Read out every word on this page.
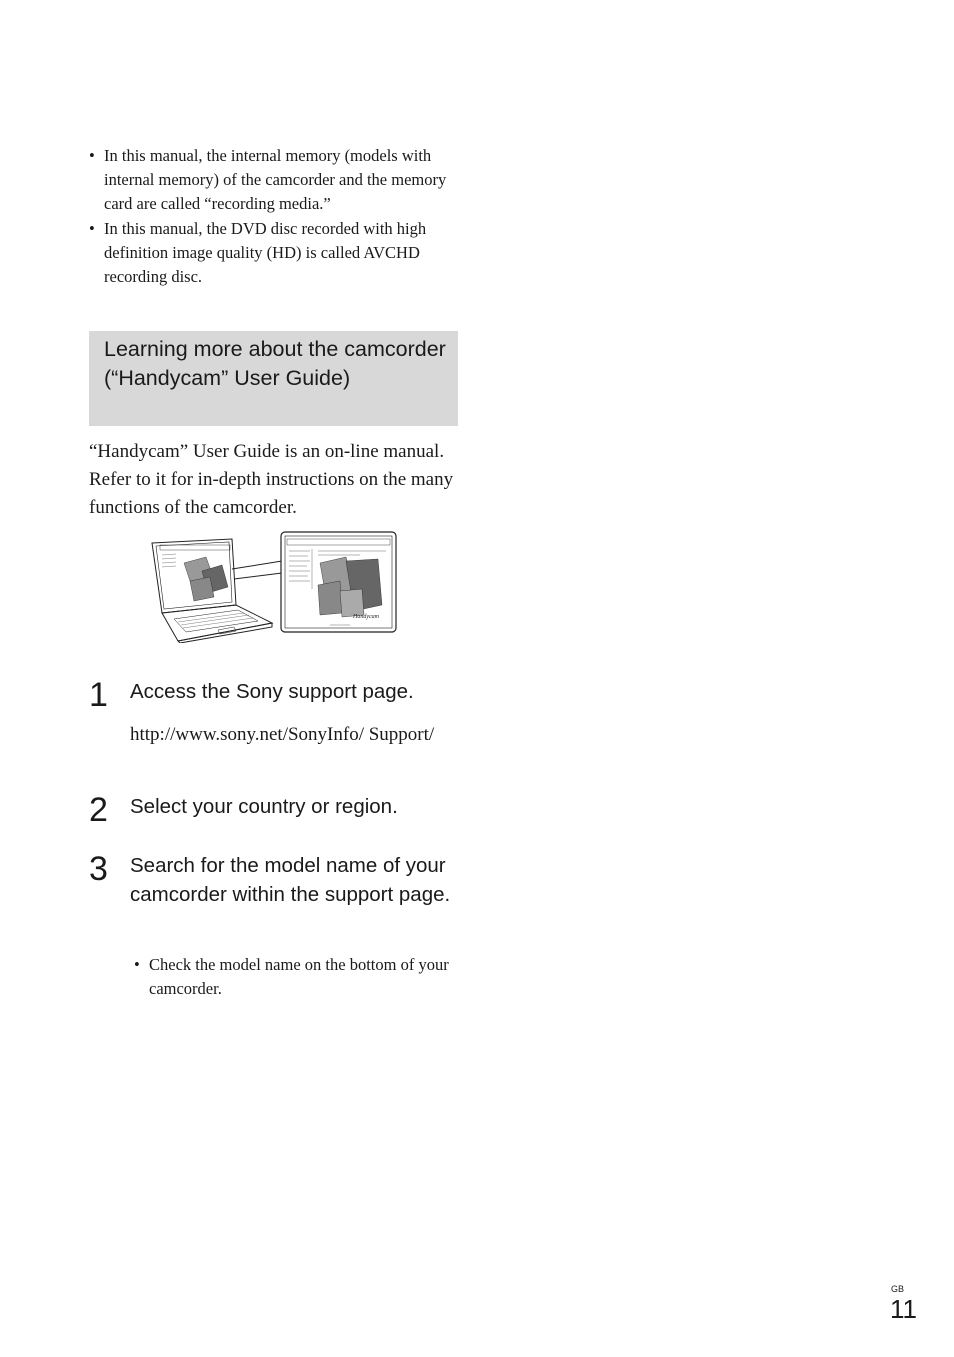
• In this manual, the internal memory (models with internal memory) of the camcorder and the memory card are called “recording media.”
• In this manual, the DVD disc recorded with high definition image quality (HD) is called AVCHD recording disc.
Learning more about the camcorder (“Handycam” User Guide)

“Handycam” User Guide is an on-line manual. Refer to it for in-depth instructions on the many functions of the camcorder.

Handycam
1 Access the Sony support page.

http://www.sony.net/SonyInfo/ Support/

2 Select your country or region.
3 Search for the model name of your camcorder within the support page.
• Check the model name on the bottom of your camcorder.
GB
11
